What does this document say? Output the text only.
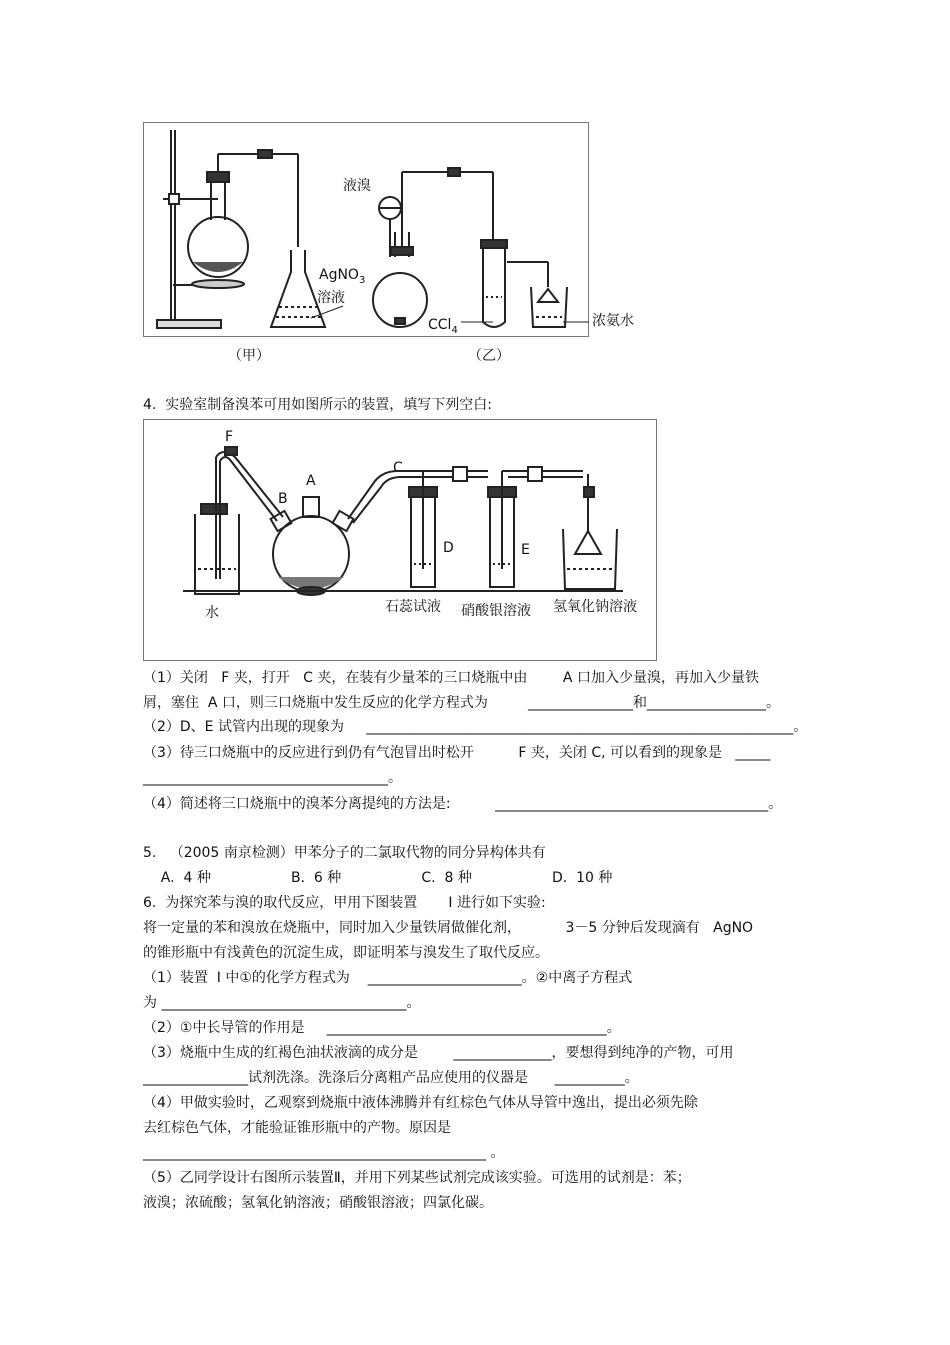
AgNO$_3$
溶液
液溴
CCl$_4$
（甲）	（乙）
浓氨水
F
C
B
A
D	E
水	石蕊试液 硝酸银溶液 氢氧化钠溶液
4.  实验室制备溴苯可用如图所示的装置，填写下列空白:
（1）关闭   F 夹，打开   C 夹，在装有少量苯的三口烧瓶中由        A 口加入少量溴，再加入少量铁
屑，塞住  A 口，则三口烧瓶中发生反应的化学方程式为         _______________和_________________。
（2）D、E 试管内出现的现象为     _____________________________________________________________。
（3）待三口烧瓶中的反应进行到仍有气泡冒出时松开          F 夹，关闭 C, 可以看到的现象是   _____
___________________________________。
（4）简述将三口烧瓶中的溴苯分离提纯的方法是:          _______________________________________。
5.   （2005 南京检测）甲苯分子的二氯取代物的同分异构体共有
A.  4 种                  B.  6 种                  C.  8 种                  D.  10 种
6.  为探究苯与溴的取代反应，甲用下图装置       Ⅰ 进行如下实验:
将一定量的苯和溴放在烧瓶中，同时加入少量铁屑做催化剂，          3－5 分钟后发现滴有   AgNO
的锥形瓶中有浅黄色的沉淀生成，即证明苯与溴发生了取代反应。
（1）装置  Ⅰ 中①的化学方程式为    ______________________。②中离子方程式
为 ___________________________________。
（2）①中长导管的作用是     ________________________________________。
（3）烧瓶中生成的红褐色油状液滴的成分是        ______________，要想得到纯净的产物，可用
_______________试剂洗涤。洗涤后分离粗产品应使用的仪器是      __________。
（4）甲做实验时，乙观察到烧瓶中液体沸腾并有红棕色气体从导管中逸出，提出必须先除
去红棕色气体，才能验证锥形瓶中的产物。原因是
_________________________________________________ 。
（5）乙同学设计右图所示装置Ⅱ，并用下列某些试剂完成该实验。可选用的试剂是：苯；
液溴；浓硫酸；氢氧化钠溶液；硝酸银溶液；四氯化碳。
